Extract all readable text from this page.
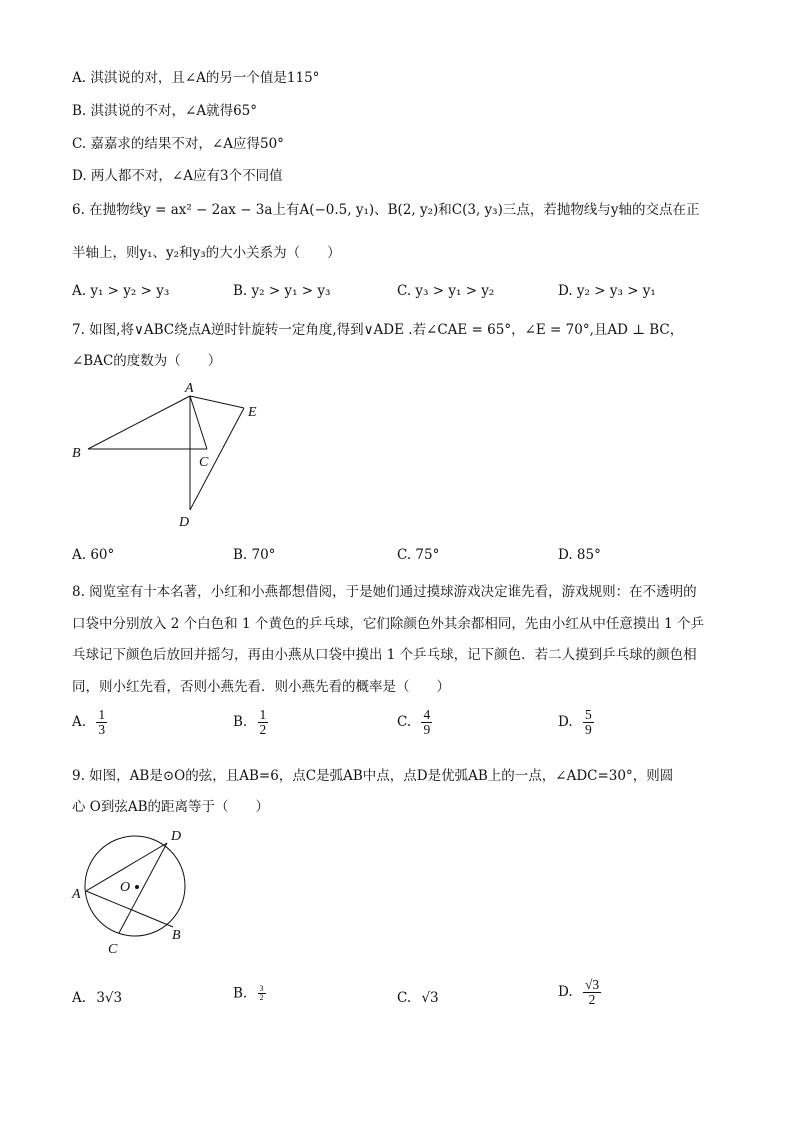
A. 淇淇说的对，且∠A的另一个值是115°
B. 淇淇说的不对，∠A就得65°
C. 嘉嘉求的结果不对，∠A应得50°
D. 两人都不对，∠A应有3个不同值
6. 在抛物线y = ax² − 2ax − 3a上有A(−0.5, y₁)、B(2, y₂)和C(3, y₃)三点，若抛物线与y轴的交点在正
半轴上，则y₁、y₂和y₃的大小关系为（　　）
A. y₁ > y₂ > y₃	B. y₂ > y₁ > y₃	C. y₃ > y₁ > y₂	D. y₂ > y₃ > y₁
7. 如图,将∨ABC绕点A逆时针旋转一定角度,得到∨ADE .若∠CAE = 65°，∠E = 70°,且AD ⊥ BC，
∠BAC的度数为（　　）
A
B
C
D
E
A. 60°	B. 70°	C. 75°	D. 85°
8. 阅览室有十本名著，小红和小燕都想借阅，于是她们通过摸球游戏决定谁先看，游戏规则：在不透明的
口袋中分别放入 2 个白色和 1 个黄色的乒乓球，它们除颜色外其余都相同，先由小红从中任意摸出 1 个乒
乓球记下颜色后放回并摇匀，再由小燕从口袋中摸出 1 个乒乓球，记下颜色．若二人摸到乒乓球的颜色相
同，则小红先看，否则小燕先看．则小燕先看的概率是（　　）
A. $\frac{1}{3}$	B. $\frac{1}{2}$	C. $\frac{4}{9}$	D. $\frac{5}{9}$
9. 如图，AB是⊙O的弦，且AB=6，点C是弧AB中点，点D是优弧AB上的一点，∠ADC=30°，则圆
心 O到弦AB的距离等于（　　）
A
D
O
B
C
A. 3√3	B. $\frac{3}{2}$	C. √3	D. $\frac{√3}{2}$
